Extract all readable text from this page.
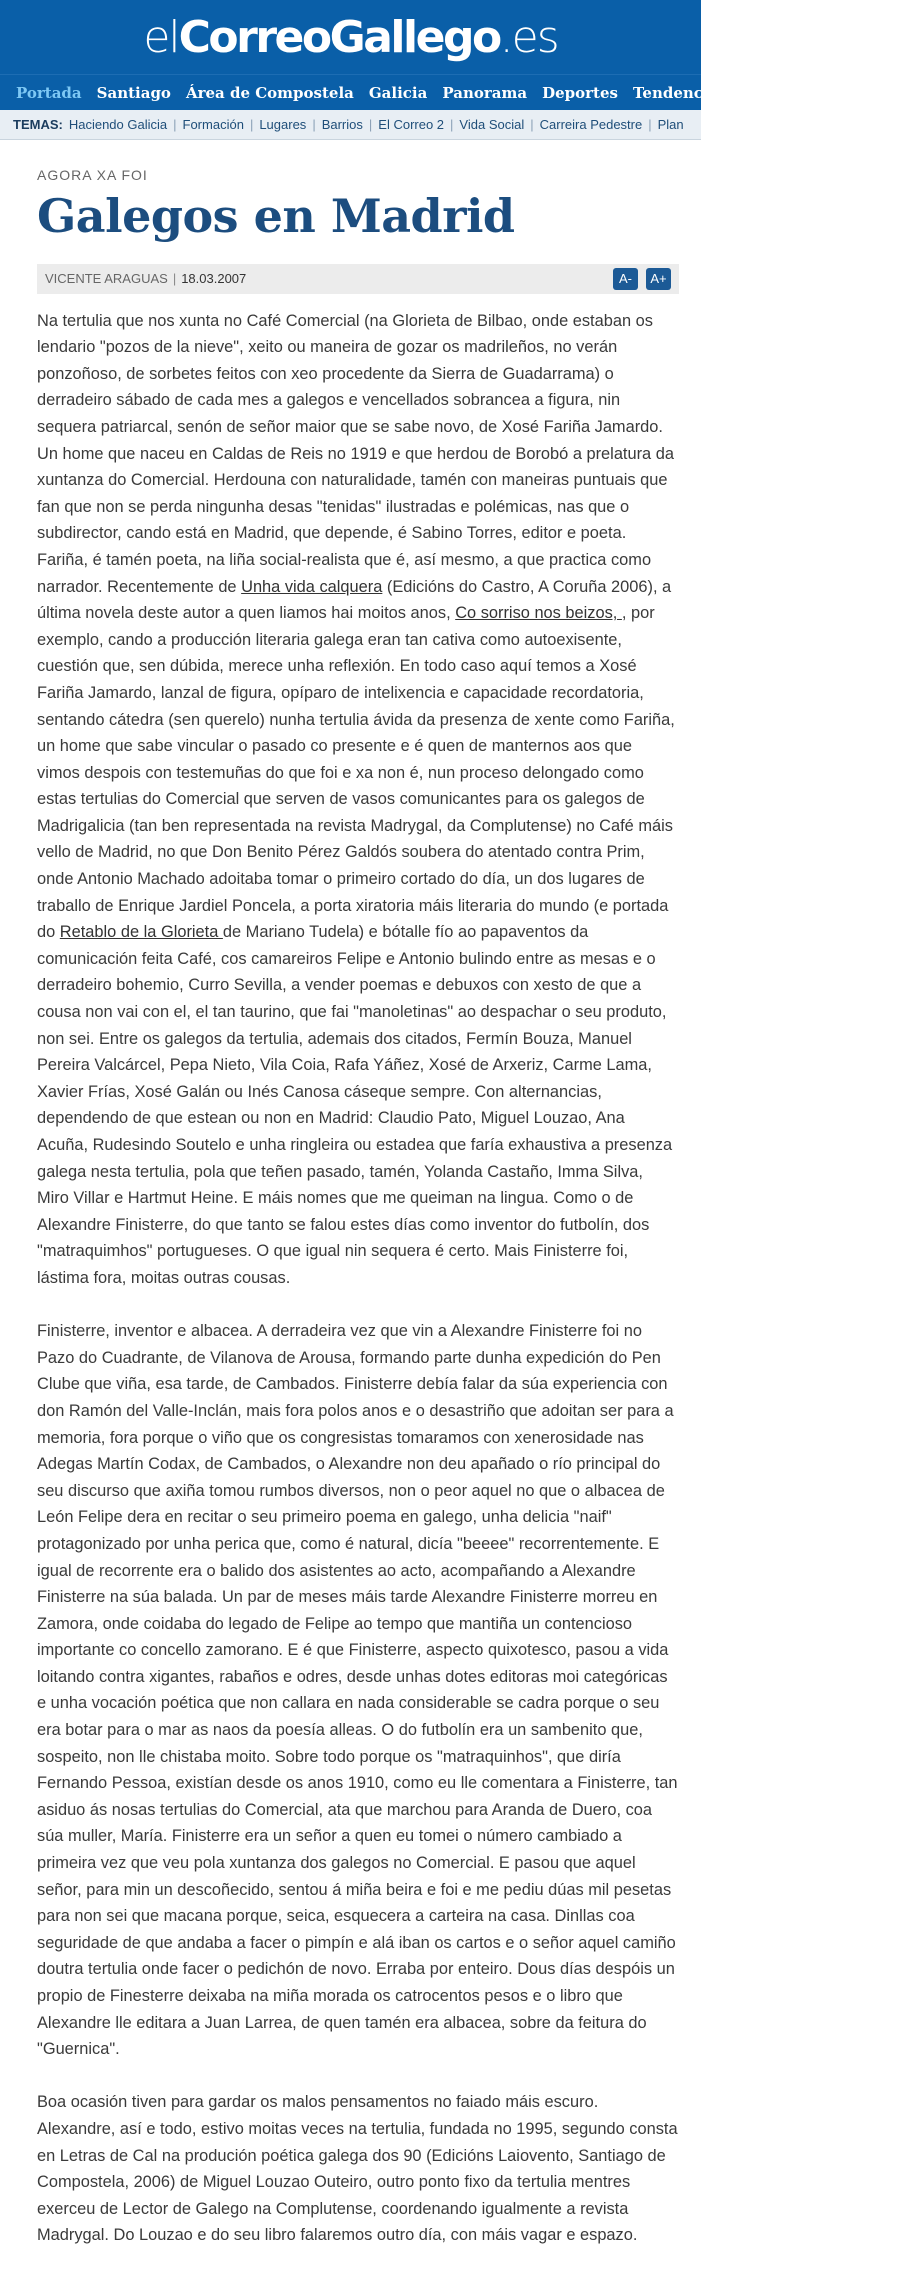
elCorreoGallego.es
Portada Santiago Área de Compostela Galicia Panorama Deportes Tendencias Opinión Tecnología
TEMAS: Haciendo Galicia | Formación | Lugares | Barrios | El Correo 2 | Vida Social | Carreira Pedestre | Plan
AGORA XA FOI
Galegos en Madrid
VICENTE ARAGUAS | 18.03.2007	A-	A+

Na tertulia que nos xunta no Café Comercial (na Glorieta de Bilbao, onde estaban os lendario "pozos de la nieve", xeito ou maneira de gozar os madrileños, no verán ponzoñoso, de sorbetes feitos con xeo procedente da Sierra de Guadarrama) o derradeiro sábado de cada mes a galegos e vencellados sobrancea a figura, nin sequera patriarcal, senón de señor maior que se sabe novo, de Xosé Fariña Jamardo. Un home que naceu en Caldas de Reis no 1919 e que herdou de Borobó a prelatura da xuntanza do Comercial. Herdouna con naturalidade, tamén con maneiras puntuais que fan que non se perda ningunha desas "tenidas" ilustradas e polémicas, nas que o subdirector, cando está en Madrid, que depende, é Sabino Torres, editor e poeta. Fariña, é tamén poeta, na liña social-realista que é, así mesmo, a que practica como narrador. Recentemente de Unha vida calquera (Edicións do Castro, A Coruña 2006), a última novela deste autor a quen liamos hai moitos anos, Co sorriso nos beizos, , por exemplo, cando a producción literaria galega eran tan cativa como autoexisente, cuestión que, sen dúbida, merece unha reflexión. En todo caso aquí temos a Xosé Fariña Jamardo, lanzal de figura, opíparo de intelixencia e capacidade recordatoria, sentando cátedra (sen querelo) nunha tertulia ávida da presenza de xente como Fariña, un home que sabe vincular o pasado co presente e é quen de manternos aos que vimos despois con testemuñas do que foi e xa non é, nun proceso delongado como estas tertulias do Comercial que serven de vasos comunicantes para os galegos de Madrigalicia (tan ben representada na revista Madrygal, da Complutense) no Café máis vello de Madrid, no que Don Benito Pérez Galdós soubera do atentado contra Prim, onde Antonio Machado adoitaba tomar o primeiro cortado do día, un dos lugares de traballo de Enrique Jardiel Poncela, a porta xiratoria máis literaria do mundo (e portada do Retablo de la Glorieta de Mariano Tudela) e bótalle fío ao papaventos da comunicación feita Café, cos camareiros Felipe e Antonio bulindo entre as mesas e o derradeiro bohemio, Curro Sevilla, a vender poemas e debuxos con xesto de que a cousa non vai con el, el tan taurino, que fai "manoletinas" ao despachar o seu produto, non sei. Entre os galegos da tertulia, ademais dos citados, Fermín Bouza, Manuel Pereira Valcárcel, Pepa Nieto, Vila Coia, Rafa Yáñez, Xosé de Arxeriz, Carme Lama, Xavier Frías, Xosé Galán ou Inés Canosa cáseque sempre. Con alternancias, dependendo de que estean ou non en Madrid: Claudio Pato, Miguel Louzao, Ana Acuña, Rudesindo Soutelo e unha ringleira ou estadea que faría exhaustiva a presenza galega nesta tertulia, pola que teñen pasado, tamén, Yolanda Castaño, Imma Silva, Miro Villar e Hartmut Heine. E máis nomes que me queiman na lingua. Como o de Alexandre Finisterre, do que tanto se falou estes días como inventor do futbolín, dos "matraquimhos" portugueses. O que igual nin sequera é certo. Mais Finisterre foi, lástima fora, moitas outras cousas.

Finisterre, inventor e albacea. A derradeira vez que vin a Alexandre Finisterre foi no Pazo do Cuadrante, de Vilanova de Arousa, formando parte dunha expedición do Pen Clube que viña, esa tarde, de Cambados. Finisterre debía falar da súa experiencia con don Ramón del Valle-Inclán, mais fora polos anos e o desastriño que adoitan ser para a memoria, fora porque o viño que os congresistas tomaramos con xenerosidade nas Adegas Martín Codax, de Cambados, o Alexandre non deu apañado o río principal do seu discurso que axiña tomou rumbos diversos, non o peor aquel no que o albacea de León Felipe dera en recitar o seu primeiro poema en galego, unha delicia "naif" protagonizado por unha perica que, como é natural, dicía "beeee" recorrentemente. E igual de recorrente era o balido dos asistentes ao acto, acompañando a Alexandre Finisterre na súa balada. Un par de meses máis tarde Alexandre Finisterre morreu en Zamora, onde coidaba do legado de Felipe ao tempo que mantiña un contencioso importante co concello zamorano. E é que Finisterre, aspecto quixotesco, pasou a vida loitando contra xigantes, rabaños e odres, desde unhas dotes editoras moi categóricas e unha vocación poética que non callara en nada considerable se cadra porque o seu era botar para o mar as naos da poesía alleas. O do futbolín era un sambenito que, sospeito, non lle chistaba moito. Sobre todo porque os "matraquinhos", que diría Fernando Pessoa, existían desde os anos 1910, como eu lle comentara a Finisterre, tan asiduo ás nosas tertulias do Comercial, ata que marchou para Aranda de Duero, coa súa muller, María. Finisterre era un señor a quen eu tomei o número cambiado a primeira vez que veu pola xuntanza dos galegos no Comercial. E pasou que aquel señor, para min un descoñecido, sentou á miña beira e foi e me pediu dúas mil pesetas para non sei que macana porque, seica, esquecera a carteira na casa. Dinllas coa seguridade de que andaba a facer o pimpín e alá iban os cartos e o señor aquel camiño doutra tertulia onde facer o pedichón de novo. Erraba por enteiro. Dous días despóis un propio de Finesterre deixaba na miña morada os catrocentos pesos e o libro que Alexandre lle editara a Juan Larrea, de quen tamén era albacea, sobre da feitura do "Guernica".

Boa ocasión tiven para gardar os malos pensamentos no faiado máis escuro. Alexandre, así e todo, estivo moitas veces na tertulia, fundada no 1995, segundo consta en Letras de Cal na produción poética galega dos 90 (Edicións Laiovento, Santiago de Compostela, 2006) de Miguel Louzao Outeiro, outro ponto fixo da tertulia mentres exerceu de Lector de Galego na Complutense, coordenando igualmente a revista Madrygal. Do Louzao e do seu libro falaremos outro día, con máis vagar e espazo.
